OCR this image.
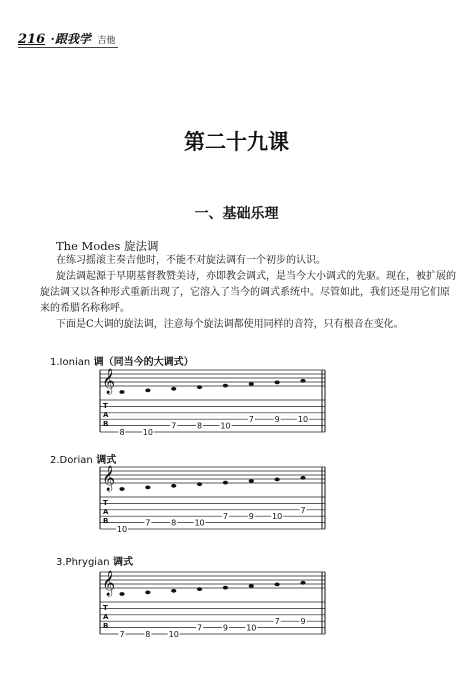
216 ·跟我学 吉他
第二十九课
一、基础乐理
The Modes 旋法调
在练习摇滚主奏吉他时，不能不对旋法调有一个初步的认识。
旋法调起源于早期基督教赞美诗，亦即教会调式，是当今大小调式的先驱。现在，被扩展的旋法调又以各种形式重新出现了，它溶入了当今的调式系统中。尽管如此，我们还是用它们原来的希腊名称称呼。
下面是C大调的旋法调，注意每个旋法调都使用同样的音符，只有根音在变化。
1.Ionian 调（同当今的大调式）
𝄞
T
A
B
8 10
7	8 10
7	9 10
2.Dorian 调式
𝄞
T
A
B
10
7	8 10
7	9 10
7
3.Phrygian 调式
𝄞
T
A
B
7	8 10
7	9 10
7	9
